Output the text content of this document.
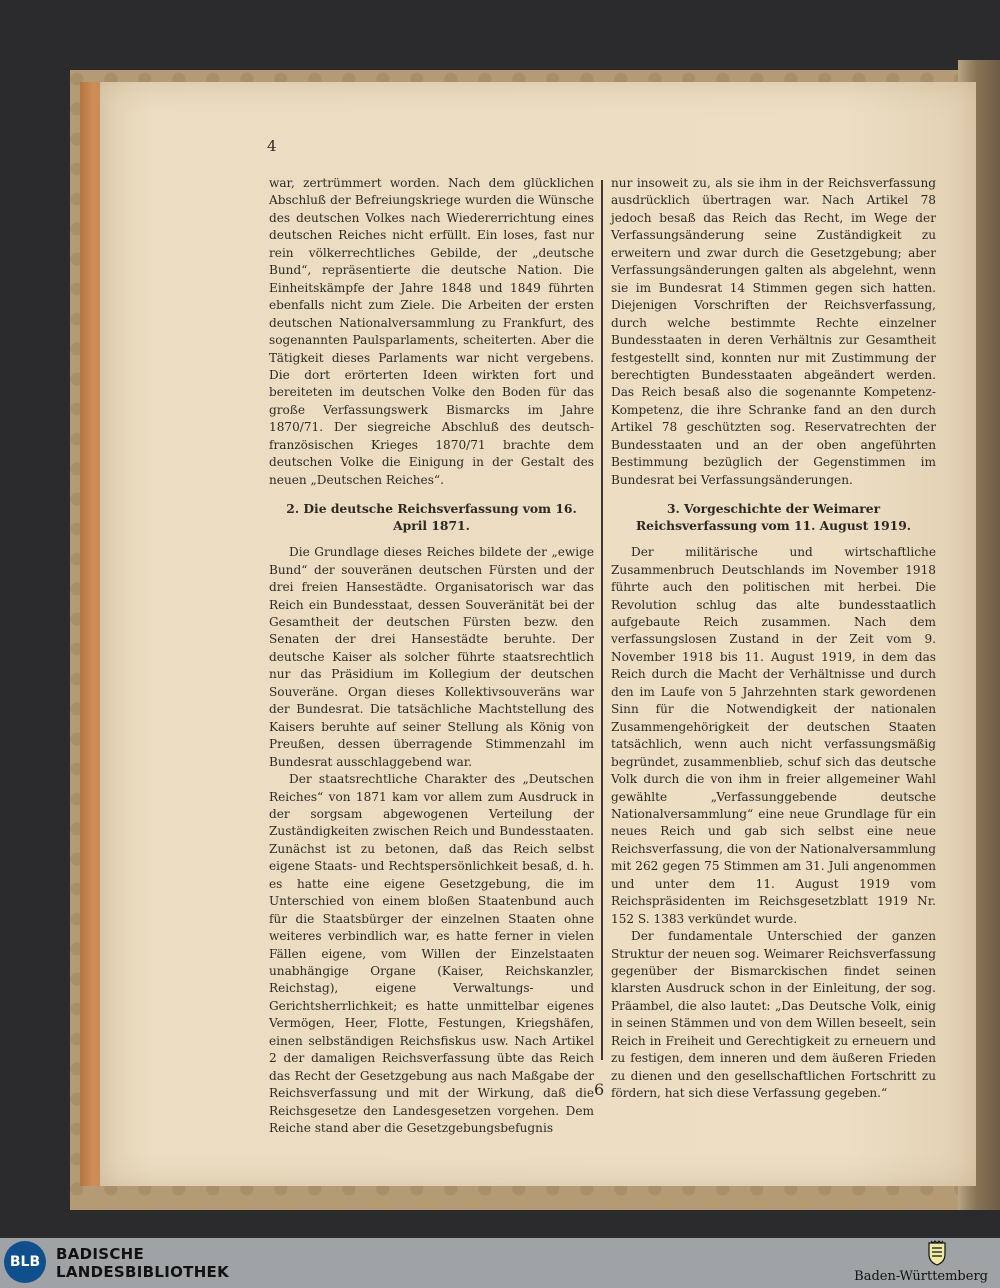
4

war, zertrümmert worden. Nach dem glücklichen Abschluß der Befreiungskriege wurden die Wünsche des deutschen Volkes nach Wiedererrichtung eines deutschen Reiches nicht erfüllt. Ein loses, fast nur rein völkerrechtliches Gebilde, der „deutsche Bund“, repräsentierte die deutsche Nation. Die Einheitskämpfe der Jahre 1848 und 1849 führten ebenfalls nicht zum Ziele. Die Arbeiten der ersten deutschen Nationalversammlung zu Frankfurt, des sogenannten Paulsparlaments, scheiterten. Aber die Tätigkeit dieses Parlaments war nicht vergebens. Die dort erörterten Ideen wirkten fort und bereiteten im deutschen Volke den Boden für das große Verfassungswerk Bismarcks im Jahre 1870/71. Der siegreiche Abschluß des deutsch-französischen Krieges 1870/71 brachte dem deutschen Volke die Einigung in der Gestalt des neuen „Deutschen Reiches“.

2. Die deutsche Reichsverfassung vom 16. April 1871.

Die Grundlage dieses Reiches bildete der „ewige Bund“ der souveränen deutschen Fürsten und der drei freien Hansestädte. Organisatorisch war das Reich ein Bundesstaat, dessen Souveränität bei der Gesamtheit der deutschen Fürsten bezw. den Senaten der drei Hansestädte beruhte. Der deutsche Kaiser als solcher führte staatsrechtlich nur das Präsidium im Kollegium der deutschen Souveräne. Organ dieses Kollektivsouveräns war der Bundesrat. Die tatsächliche Machtstellung des Kaisers beruhte auf seiner Stellung als König von Preußen, dessen überragende Stimmenzahl im Bundesrat ausschlaggebend war.

Der staatsrechtliche Charakter des „Deutschen Reiches“ von 1871 kam vor allem zum Ausdruck in der sorgsam abgewogenen Verteilung der Zuständigkeiten zwischen Reich und Bundesstaaten. Zunächst ist zu betonen, daß das Reich selbst eigene Staats- und Rechtspersönlichkeit besaß, d. h. es hatte eine eigene Gesetzgebung, die im Unterschied von einem bloßen Staatenbund auch für die Staatsbürger der einzelnen Staaten ohne weiteres verbindlich war, es hatte ferner in vielen Fällen eigene, vom Willen der Einzelstaaten unabhängige Organe (Kaiser, Reichskanzler, Reichstag), eigene Verwaltungs- und Gerichtsherrlichkeit; es hatte unmittelbar eigenes Vermögen, Heer, Flotte, Festungen, Kriegshäfen, einen selbständigen Reichsfiskus usw. Nach Artikel 2 der damaligen Reichsverfassung übte das Reich das Recht der Gesetzgebung aus nach Maßgabe der Reichsverfassung und mit der Wirkung, daß die Reichsgesetze den Landesgesetzen vorgehen. Dem Reiche stand aber die Gesetzgebungsbefugnis

nur insoweit zu, als sie ihm in der Reichsverfassung ausdrücklich übertragen war. Nach Artikel 78 jedoch besaß das Reich das Recht, im Wege der Verfassungsänderung seine Zuständigkeit zu erweitern und zwar durch die Gesetzgebung; aber Verfassungsänderungen galten als abgelehnt, wenn sie im Bundesrat 14 Stimmen gegen sich hatten. Diejenigen Vorschriften der Reichsverfassung, durch welche bestimmte Rechte einzelner Bundesstaaten in deren Verhältnis zur Gesamtheit festgestellt sind, konnten nur mit Zustimmung der berechtigten Bundesstaaten abgeändert werden. Das Reich besaß also die sogenannte Kompetenz-Kompetenz, die ihre Schranke fand an den durch Artikel 78 geschützten sog. Reservatrechten der Bundesstaaten und an der oben angeführten Bestimmung bezüglich der Gegenstimmen im Bundesrat bei Verfassungsänderungen.

3. Vorgeschichte der Weimarer Reichsverfassung vom 11. August 1919.

Der militärische und wirtschaftliche Zusammenbruch Deutschlands im November 1918 führte auch den politischen mit herbei. Die Revolution schlug das alte bundesstaatlich aufgebaute Reich zusammen. Nach dem verfassungslosen Zustand in der Zeit vom 9. November 1918 bis 11. August 1919, in dem das Reich durch die Macht der Verhältnisse und durch den im Laufe von 5 Jahrzehnten stark gewordenen Sinn für die Notwendigkeit der nationalen Zusammengehörigkeit der deutschen Staaten tatsächlich, wenn auch nicht verfassungsmäßig begründet, zusammenblieb, schuf sich das deutsche Volk durch die von ihm in freier allgemeiner Wahl gewählte „Verfassunggebende deutsche Nationalversammlung“ eine neue Grundlage für ein neues Reich und gab sich selbst eine neue Reichsverfassung, die von der Nationalversammlung mit 262 gegen 75 Stimmen am 31. Juli angenommen und unter dem 11. August 1919 vom Reichspräsidenten im Reichsgesetzblatt 1919 Nr. 152 S. 1383 verkündet wurde.

Der fundamentale Unterschied der ganzen Struktur der neuen sog. Weimarer Reichsverfassung gegenüber der Bismarckischen findet seinen klarsten Ausdruck schon in der Einleitung, der sog. Präambel, die also lautet: „Das Deutsche Volk, einig in seinen Stämmen und von dem Willen beseelt, sein Reich in Freiheit und Gerechtigkeit zu erneuern und zu festigen, dem inneren und dem äußeren Frieden zu dienen und den gesellschaftlichen Fortschritt zu fördern, hat sich diese Verfassung gegeben.“

6
BLB	BADISCHE
LANDESBIBLIOTHEK	Baden-Württemberg
